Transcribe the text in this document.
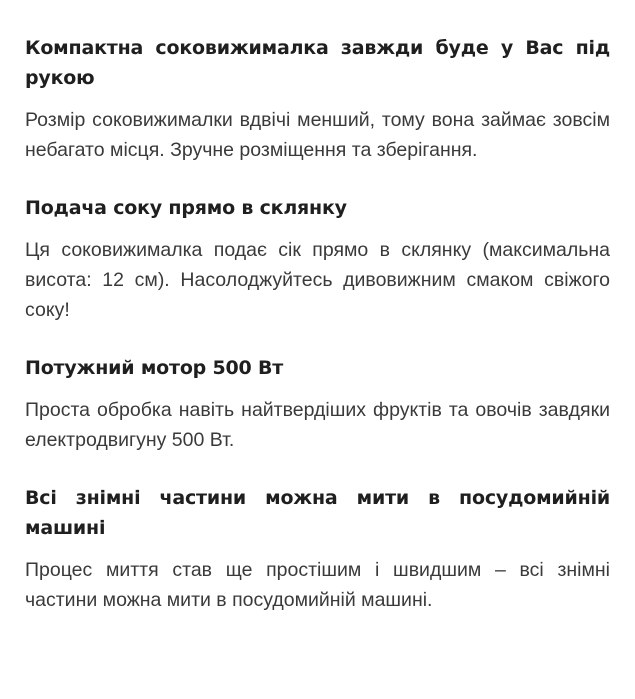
Компактна соковижималка завжди буде у Вас під рукою

Розмір соковижималки вдвічі менший, тому вона займає зовсім небагато місця. Зручне розміщення та зберігання.

Подача соку прямо в склянку

Ця соковижималка подає сік прямо в склянку (максимальна висота: 12 см). Насолоджуйтесь дивовижним смаком свіжого соку!

Потужний мотор 500 Вт

Проста обробка навіть найтвердіших фруктів та овочів завдяки електродвигуну 500 Вт.

Всі знімні частини можна мити в посудомийній машині

Процес миття став ще простішим і швидшим – всі знімні частини можна мити в посудомийній машині.
